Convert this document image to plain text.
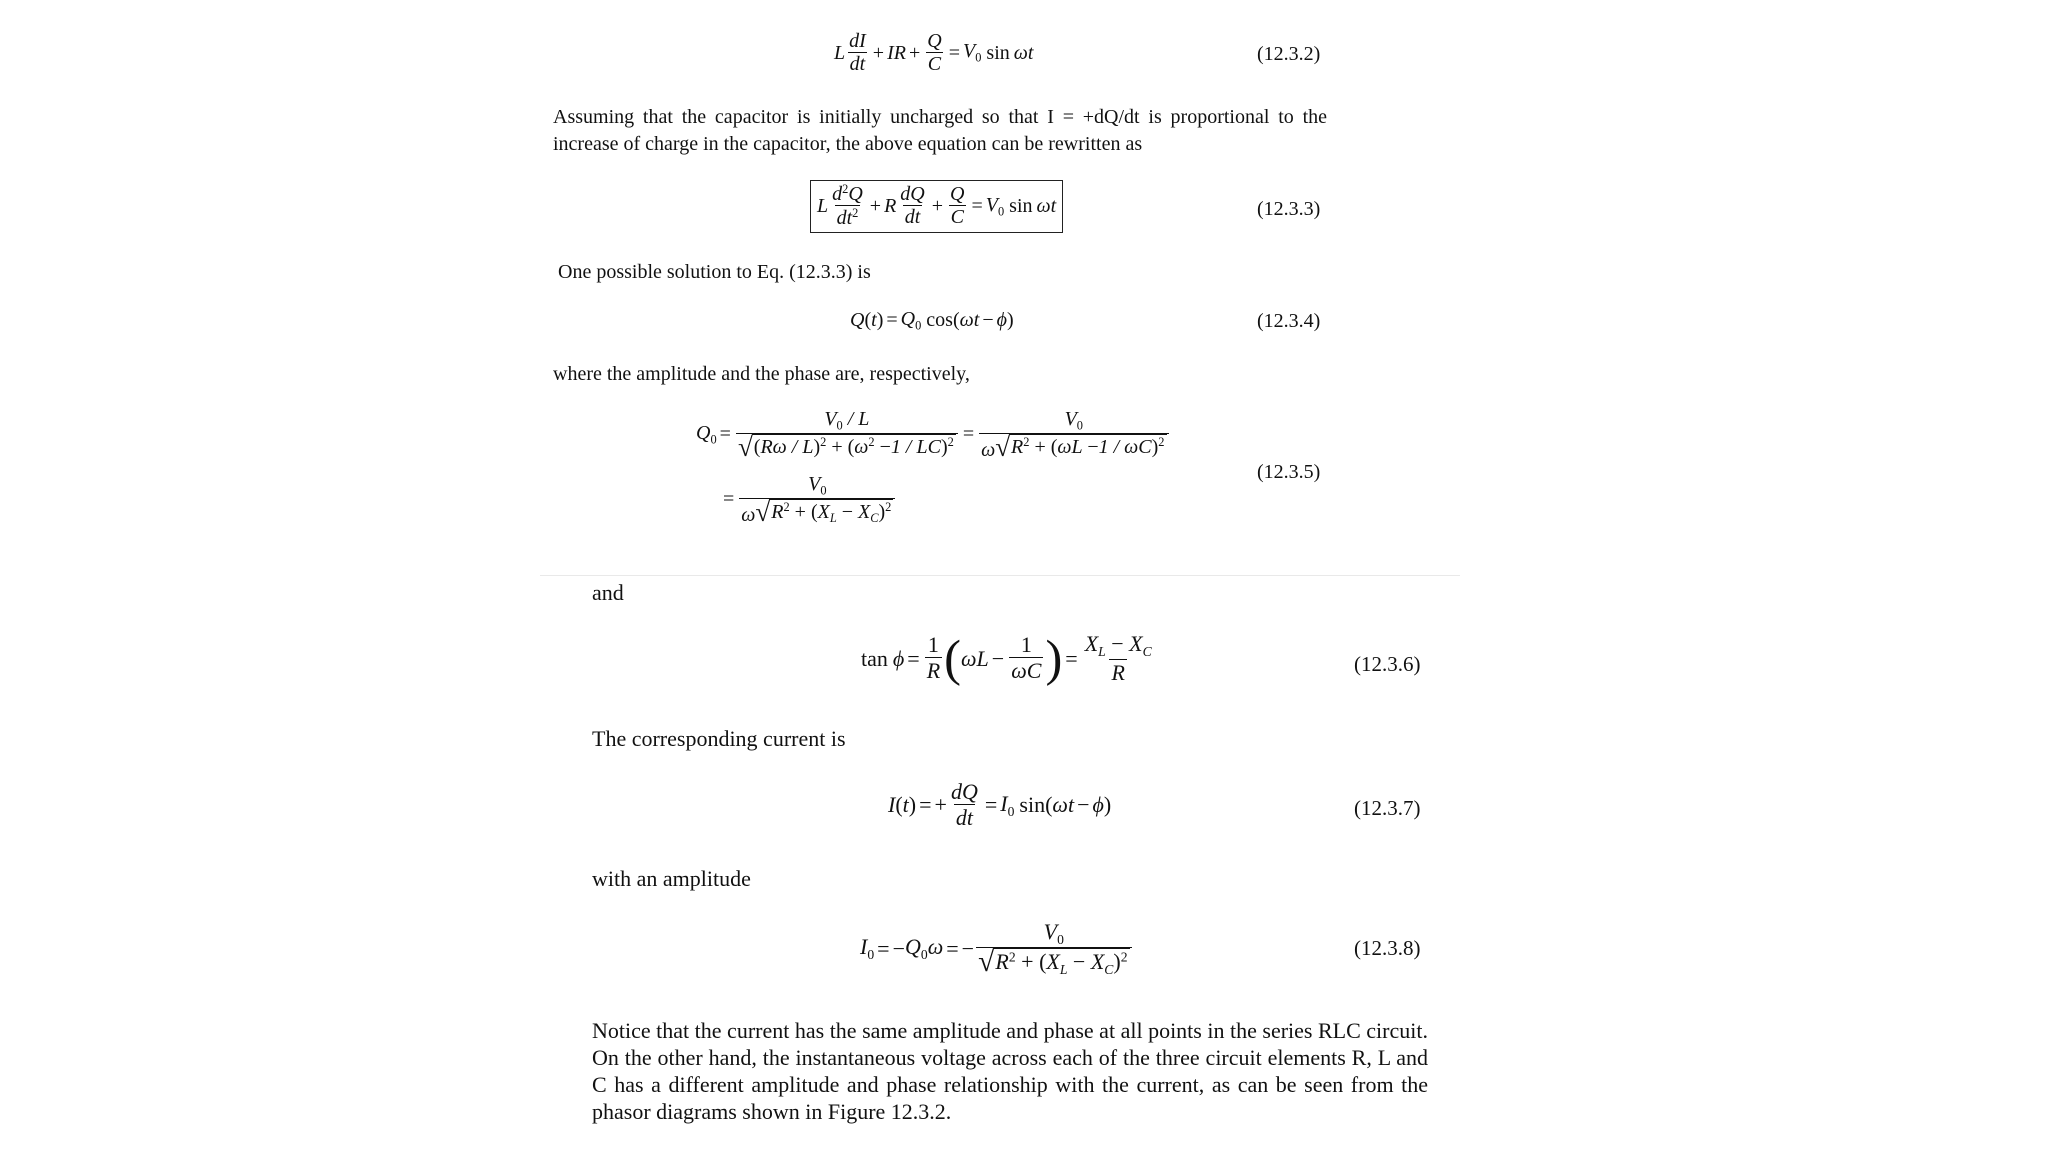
L $\frac{dI}{dt}$ + IR + $\frac{Q}{C} = V_0$ sin ωt	(12.3.2)
Assuming that the capacitor is initially uncharged so that I = +dQ/dt is proportional to the increase of charge in the capacitor, the above equation can be rewritten as
L $\frac{d^2Q}{dt^2} + R \frac{dQ}{dt} + \frac{Q}{C} = V_0$ sin ωt	(12.3.3)
One possible solution to Eq. (12.3.3) is
Q ( t ) = $Q_0$ cos( ωt − ϕ )	(12.3.4)
where the amplitude and the phase are, respectively,
$Q_0 = \frac{V_0 / L}{√ (R\omega / L)^2 + (\omega^2 -1 / LC)^2} = \frac{V_0}{\omega √ R^2 + (\omega L -1 / \omega C)^2}$
= $\frac{V_0}{\omega √ R^2 + (X_L - X_C)^2}$
(12.3.5)
and
$\tan \phi = \frac{1}{R}$ ( $\omega L - \frac{1}{\omega C}$ ) = $\frac{X_L - X_C}{R}$	(12.3.6)
The corresponding current is
I ( t ) = + $\frac{dQ}{dt} = I_0$ sin( ωt − ϕ )	(12.3.7)
with an amplitude
$I_0$ = − $Q_0\omega$ = − $\frac{V_0}{√ R^2 + (X_L - X_C)^2}$	(12.3.8)
Notice that the current has the same amplitude and phase at all points in the series RLC circuit. On the other hand, the instantaneous voltage across each of the three circuit elements R, L and C has a different amplitude and phase relationship with the current, as can be seen from the phasor diagrams shown in Figure 12.3.2.
